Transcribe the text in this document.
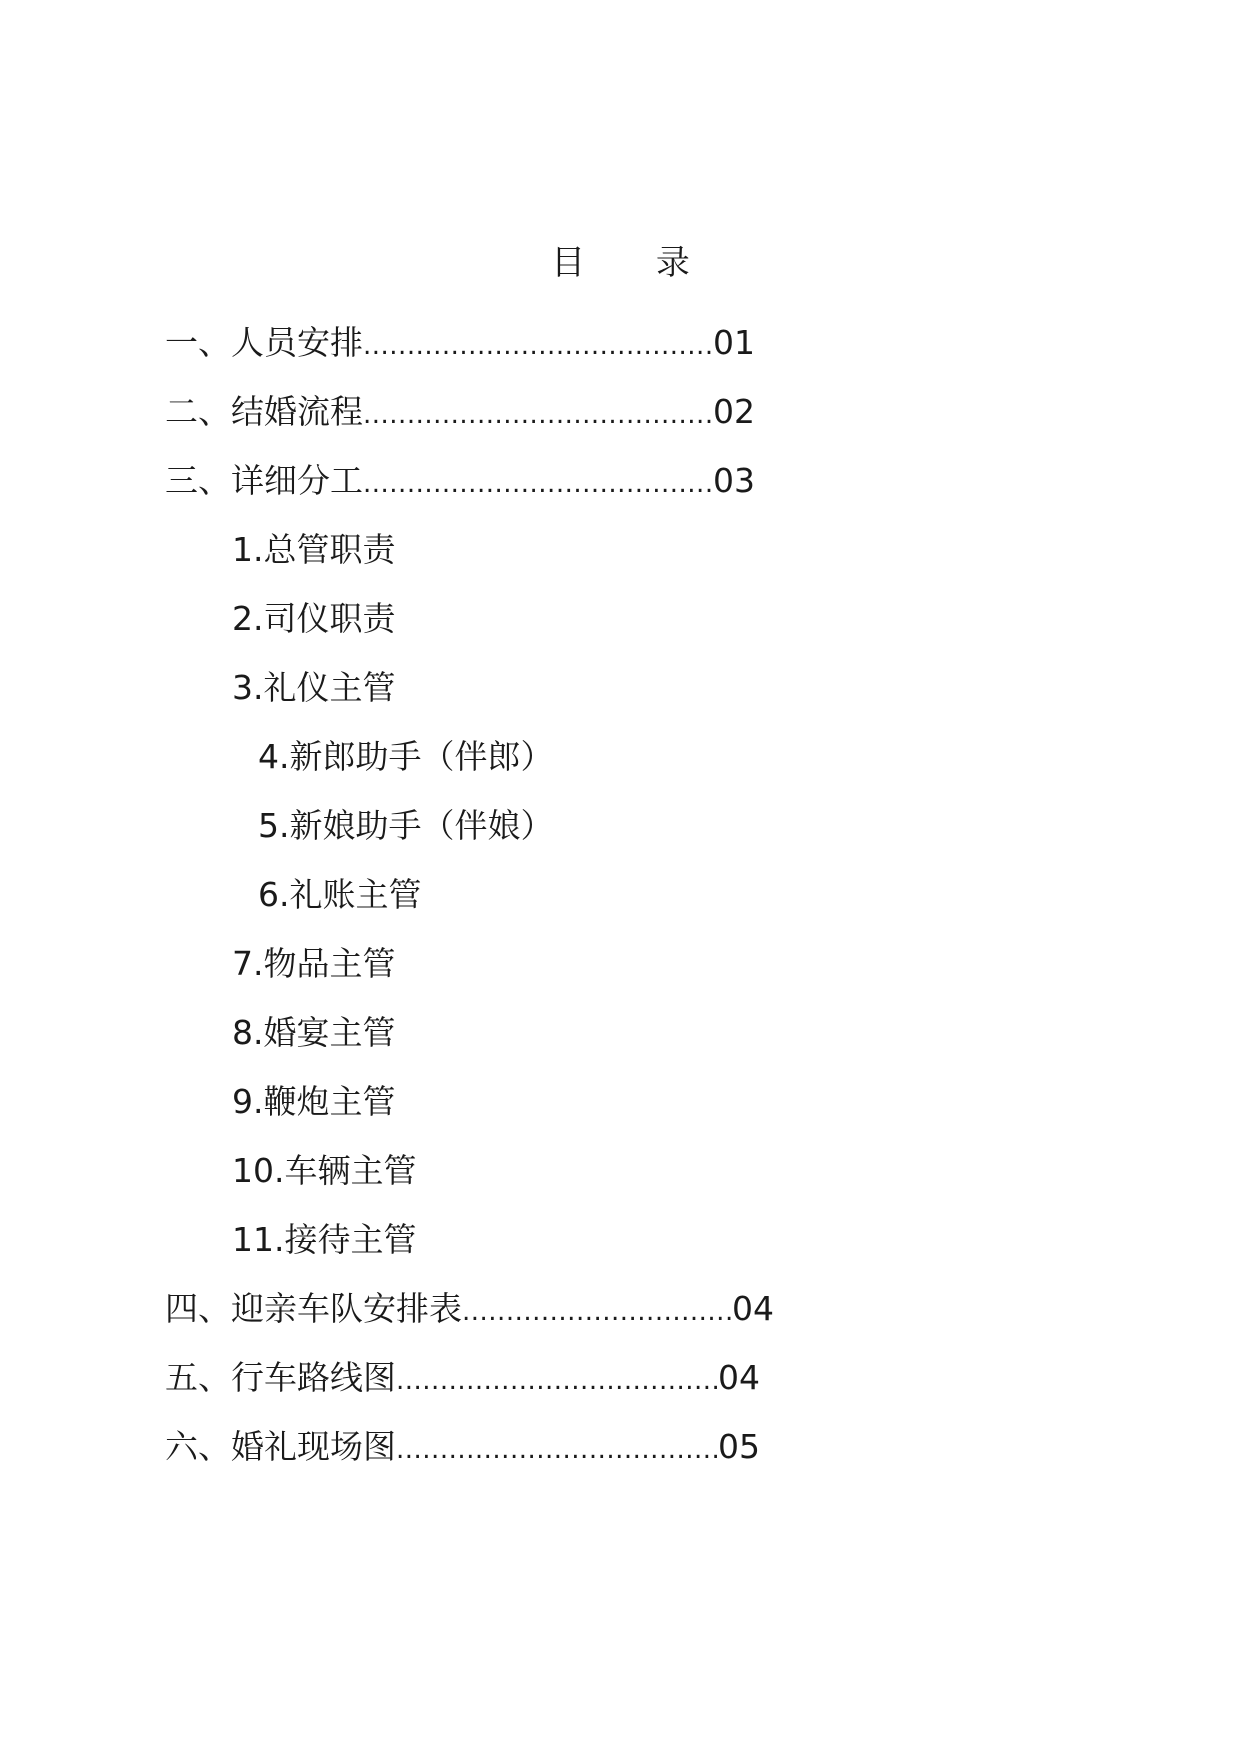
目 录
一、 人员安排 .....	01
二、 结婚流程 .....	02
三、 详细分工 .....	03
1.总管职责
2.司仪职责
3.礼仪主管
4.新郎助手（伴郎）
5.新娘助手（伴娘）
6.礼账主管
7.物品主管
8.婚宴主管
9.鞭炮主管
10.车辆主管
11.接待主管
四、 迎亲车队安排表 .....	04
五、 行车路线图 .....	04
六、 婚礼现场图 .....	05
